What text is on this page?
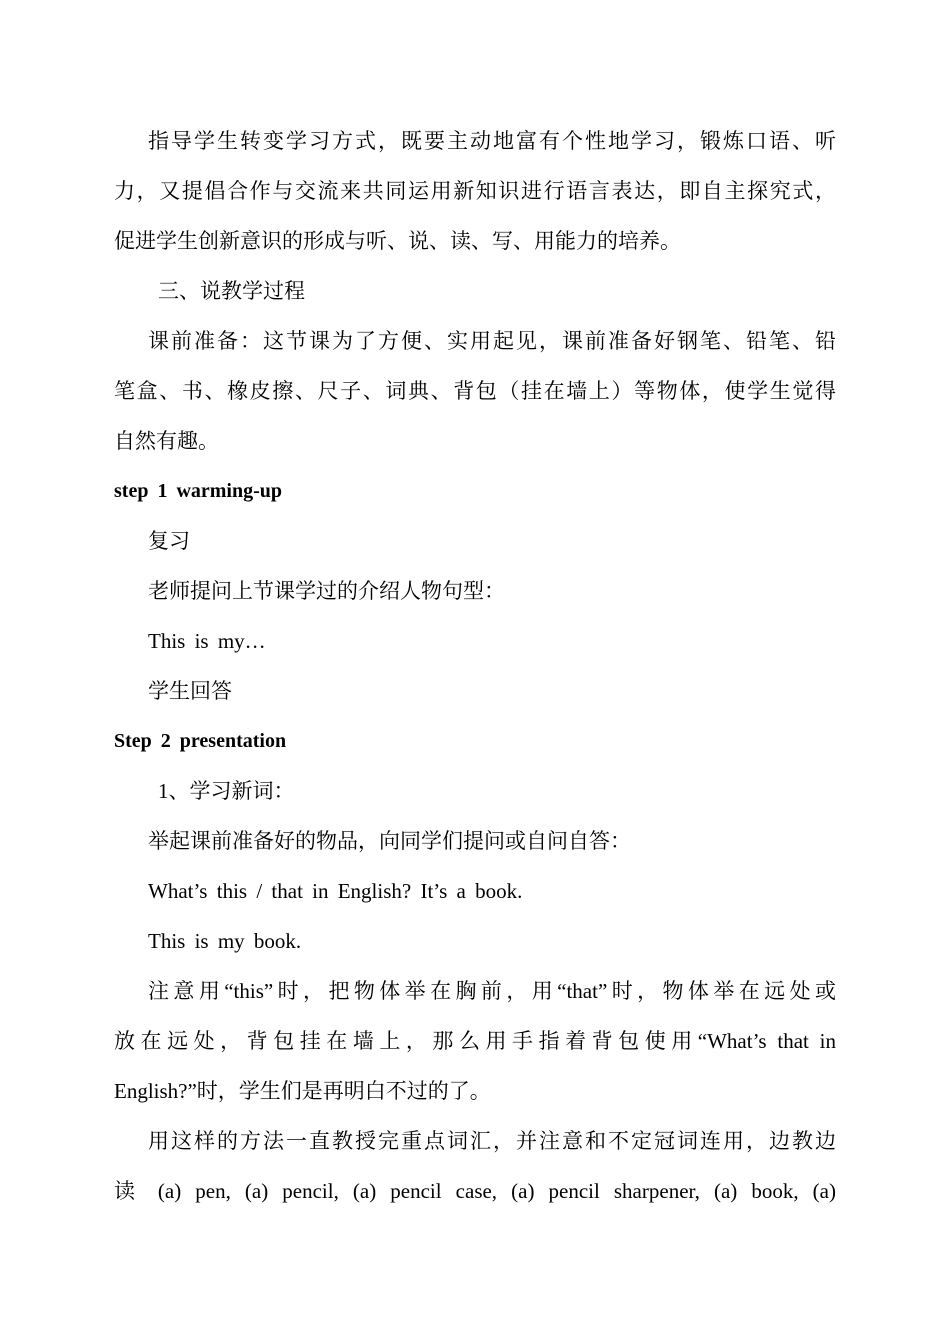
指导学生转变学习方式，既要主动地富有个性地学习，锻炼口语、听
力，又提倡合作与交流来共同运用新知识进行语言表达，即自主探究式，
促进学生创新意识的形成与听、说、读、写、用能力的培养。
三、说教学过程
课前准备：这节课为了方便、实用起见，课前准备好钢笔、铅笔、铅
笔盒、书、橡皮擦、尺子、词典、背包（挂在墙上）等物体，使学生觉得
自然有趣。
step 1 warming-up
复习
老师提问上节课学过的介绍人物句型：
This is my…
学生回答
Step 2 presentation
1、学习新词：
举起课前准备好的物品，向同学们提问或自问自答：
What’s this / that in English? It’s a book.
This is my book.
注意用“this”时，把物体举在胸前，用“that”时，物体举在远处或
放在远处，背包挂在墙上，那么用手指着背包使用“What’s that in
English?”时，学生们是再明白不过的了。
用这样的方法一直教授完重点词汇，并注意和不定冠词连用，边教边
读 (a) pen, (a) pencil, (a) pencil case, (a) pencil sharpener, (a) book, (a)
